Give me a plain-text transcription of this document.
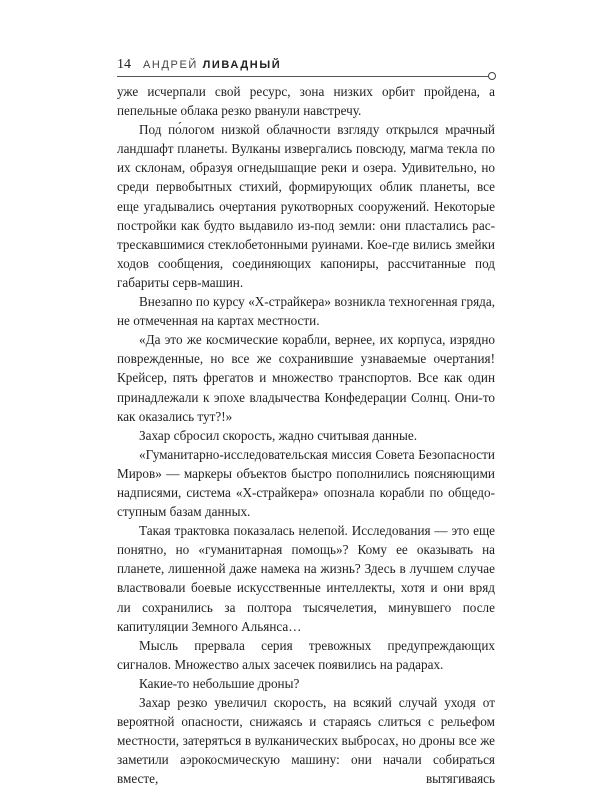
14 АНДРЕЙ ЛИВАДНЫЙ

уже исчерпали свой ресурс, зона низких орбит пройдена, а пепельные облака резко рванули навстречу.

Под по́логом низкой облачности взгляду открылся мрачный ландшафт планеты. Вулканы извергались повсюду, магма текла по их склонам, образуя огнедышащие реки и озера. Удивительно, но среди первобытных стихий, формирующих облик планеты, все еще угадывались очертания рукотворных сооружений. Некоторые постройки как будто выдавило из-под земли: они пластались растрескавшимися стеклобетонными руинами. Кое-где вились змейки ходов сообщения, соединяющих капониры, рассчитанные под габариты серв-машин.

Внезапно по курсу «Х-страйкера» возникла техногенная гряда, не отмеченная на картах местности.

«Да это же космические корабли, вернее, их корпуса, изрядно поврежденные, но все же сохранившие узнаваемые очертания! Крейсер, пять фрегатов и множество транспортов. Все как один принадлежали к эпохе владычества Конфедерации Солнц. Они-то как оказались тут?!»

Захар сбросил скорость, жадно считывая данные.

«Гуманитарно-исследовательская миссия Совета Безопасности Миров» — маркеры объектов быстро пополнились поясняющими надписями, система «Х-страйкера» опознала корабли по общедоступным базам данных.

Такая трактовка показалась нелепой. Исследования — это еще понятно, но «гуманитарная помощь»? Кому ее оказывать на планете, лишенной даже намека на жизнь? Здесь в лучшем случае властвовали боевые искусственные интеллекты, хотя и они вряд ли сохранились за полтора тысячелетия, минувшего после капитуляции Земного Альянса…

Мысль прервала серия тревожных предупреждающих сигналов. Множество алых засечек появились на радарах.

Какие-то небольшие дроны?

Захар резко увеличил скорость, на всякий случай уходя от вероятной опасности, снижаясь и стараясь слиться с рельефом местности, затеряться в вулканических выбросах, но дроны все же заметили аэрокосмическую машину: они начали собираться вместе, вытягиваясь
